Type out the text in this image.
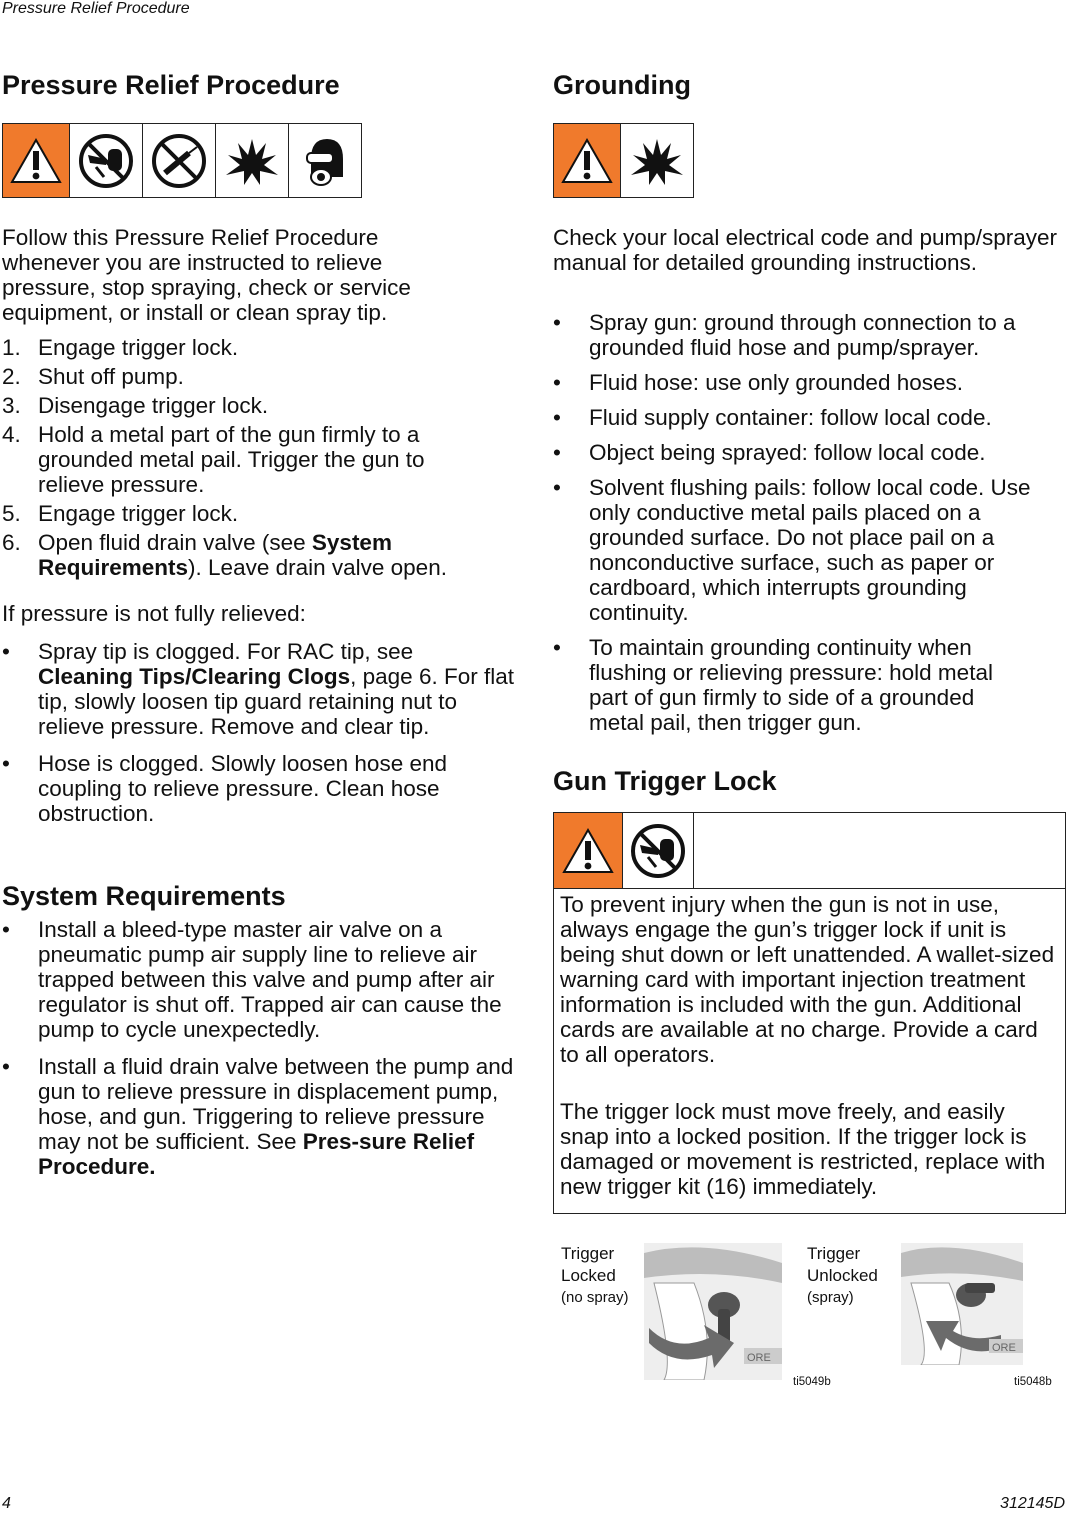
Pressure Relief Procedure
Pressure Relief Procedure

Follow this Pressure Relief Procedure whenever you are instructed to relieve pressure, stop spraying, check or service equipment, or install or clean spray tip.

1. Engage trigger lock.
2. Shut off pump.
3. Disengage trigger lock.
4. Hold a metal part of the gun firmly to a grounded metal pail. Trigger the gun to relieve pressure.
5. Engage trigger lock.
6. Open fluid drain valve (see System Requirements). Leave drain valve open.

If pressure is not fully relieved:

• Spray tip is clogged. For RAC tip, see Cleaning Tips/Clearing Clogs, page 6. For flat tip, slowly loosen tip guard retaining nut to relieve pressure. Remove and clear tip.
• Hose is clogged. Slowly loosen hose end coupling to relieve pressure. Clean hose obstruction.
System Requirements
• Install a bleed-type master air valve on a pneumatic pump air supply line to relieve air trapped between this valve and pump after air regulator is shut off. Trapped air can cause the pump to cycle unexpectedly.
• Install a fluid drain valve between the pump and gun to relieve pressure in displacement pump, hose, and gun. Triggering to relieve pressure may not be sufficient. See Pres-sure Relief Procedure.
Grounding

Check your local electrical code and pump/sprayer manual for detailed grounding instructions.

• Spray gun: ground through connection to a grounded fluid hose and pump/sprayer.
• Fluid hose: use only grounded hoses.
• Fluid supply container: follow local code.
• Object being sprayed: follow local code.
• Solvent flushing pails: follow local code. Use only conductive metal pails placed on a grounded surface. Do not place pail on a nonconductive surface, such as paper or cardboard, which interrupts grounding continuity.
• To maintain grounding continuity when flushing or relieving pressure: hold metal part of gun firmly to side of a grounded metal pail, then trigger gun.
Gun Trigger Lock

To prevent injury when the gun is not in use, always engage the gun’s trigger lock if unit is being shut down or left unattended. A wallet-sized warning card with important injection treatment information is included with the gun. Additional cards are available at no charge. Provide a card to all operators.

The trigger lock must move freely, and easily snap into a locked position. If the trigger lock is damaged or movement is restricted, replace with new trigger kit (16) immediately.

Trigger
Locked
(no spray)
ORE
ti5049b
Trigger
Unlocked
(spray)
ORE
ti5048b
4	312145D
